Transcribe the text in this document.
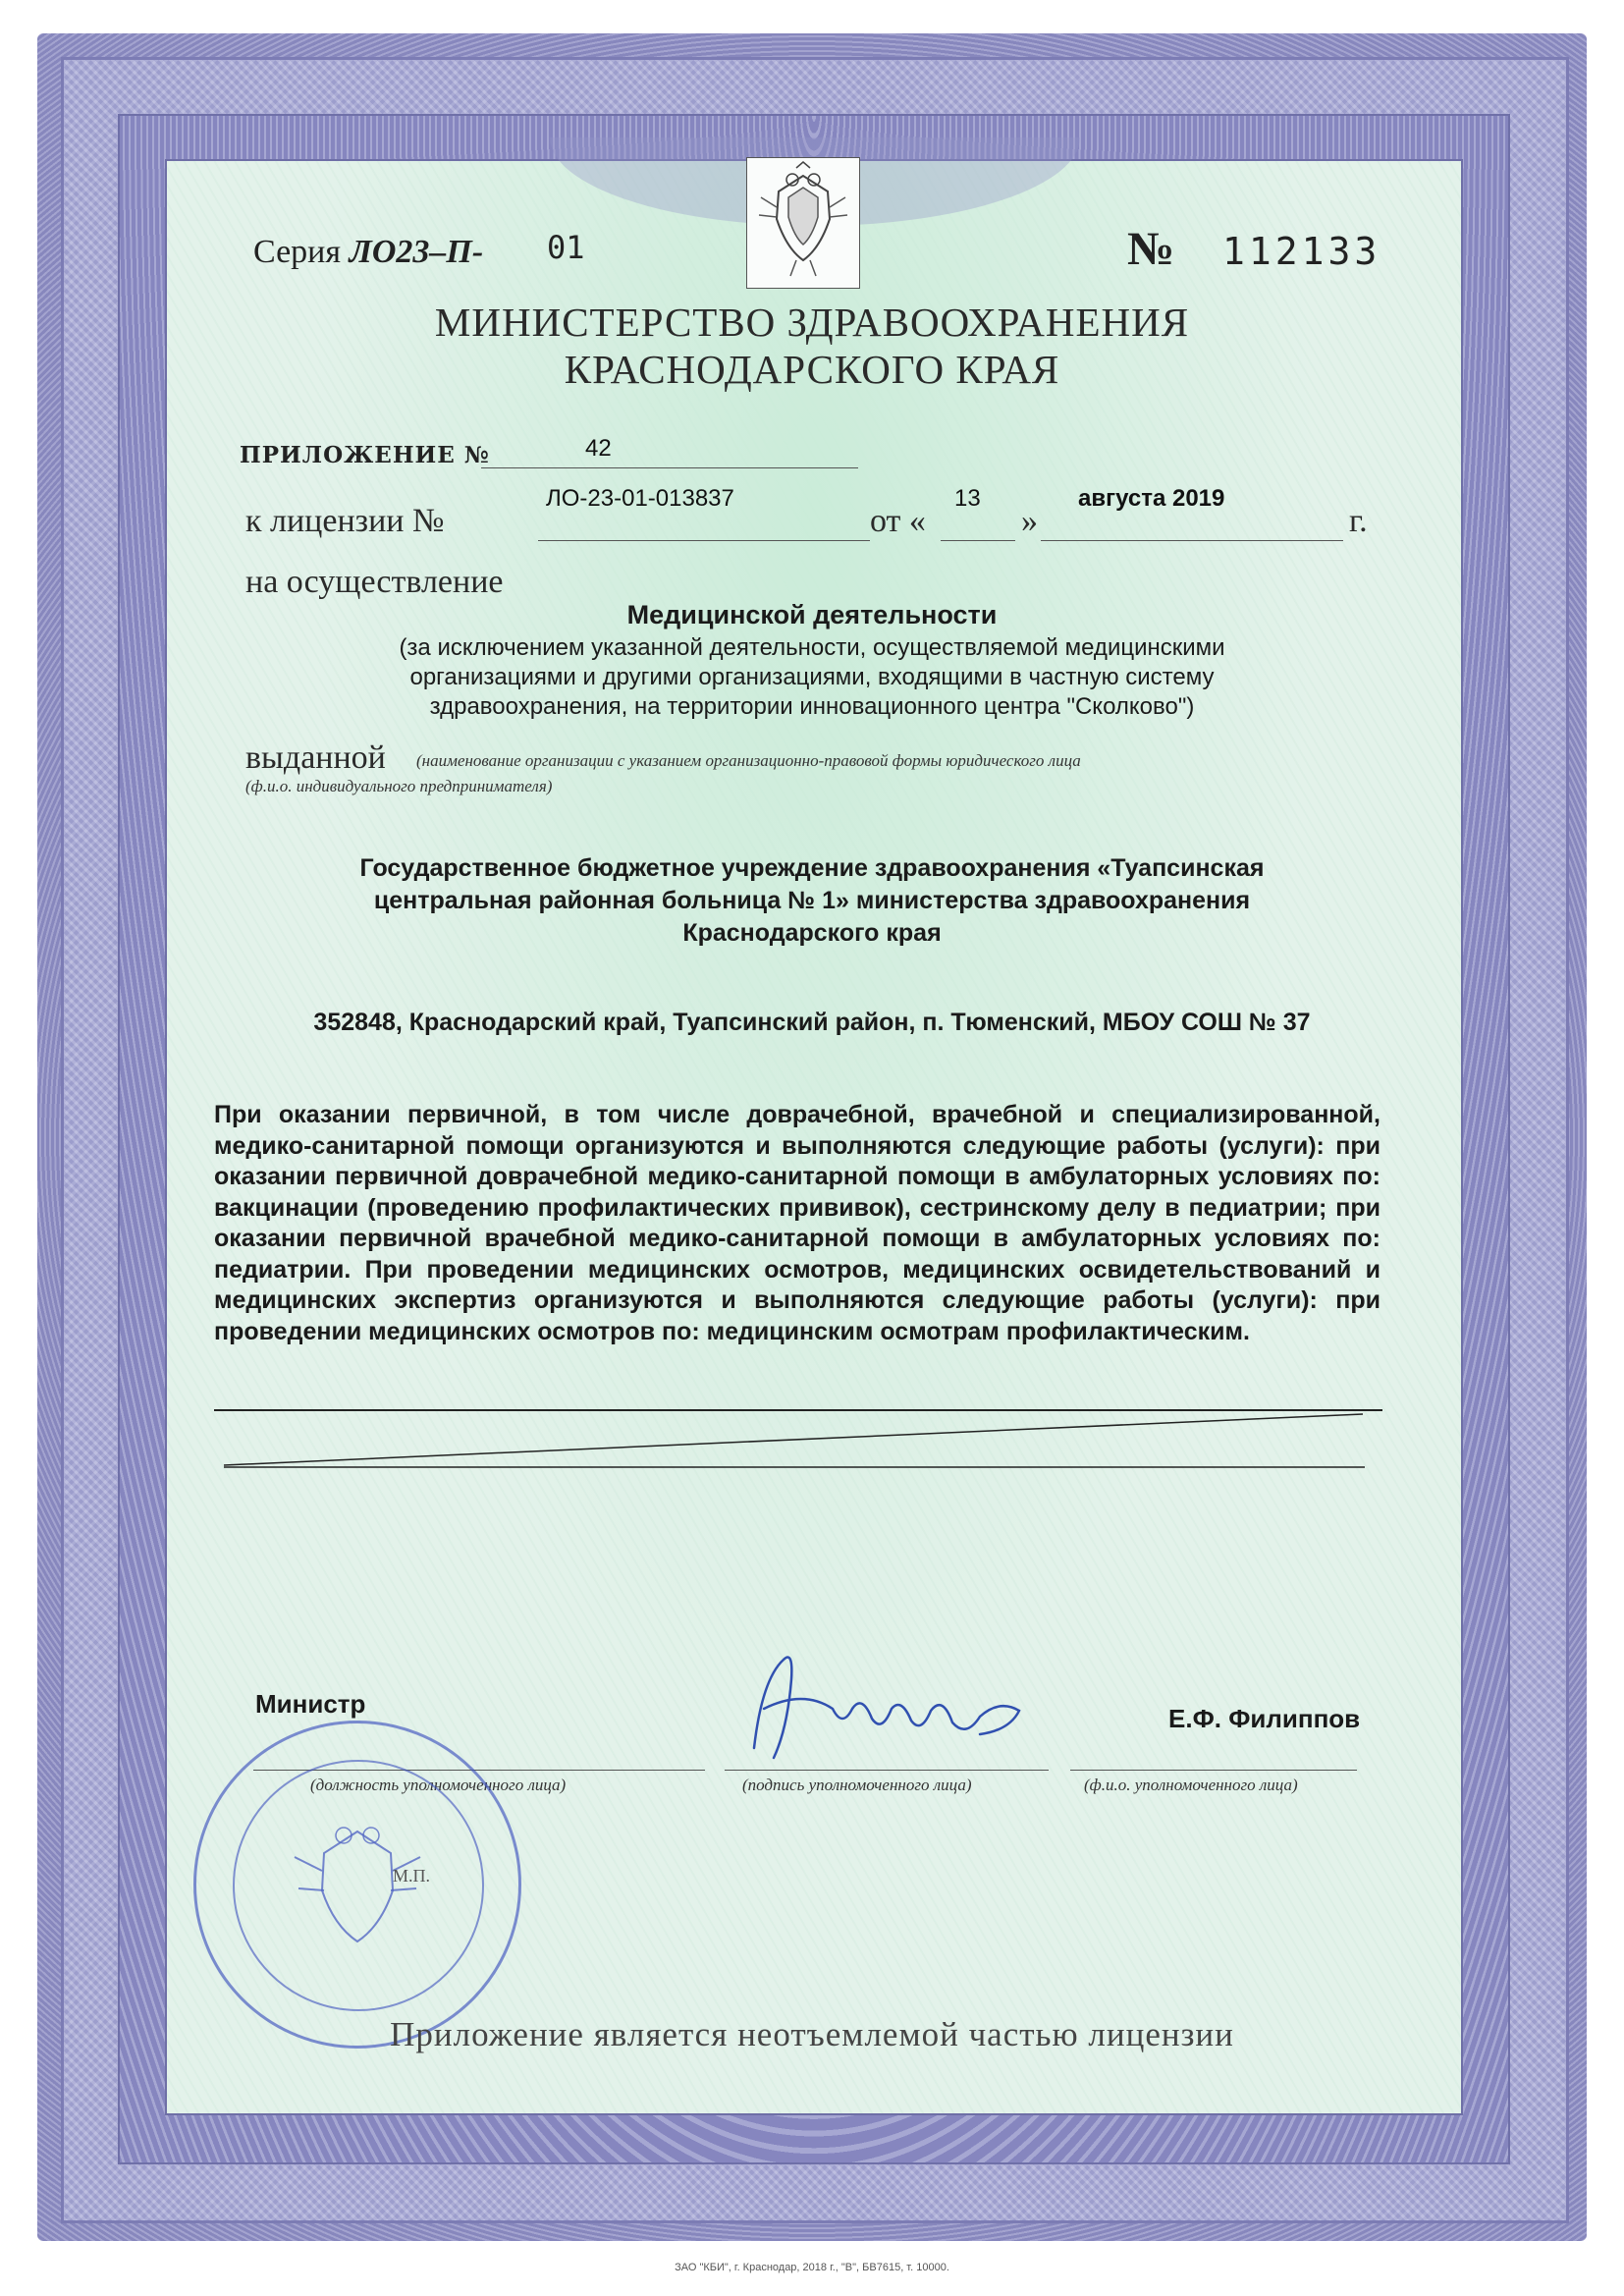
Серия ЛО23–П- 01	№ 112133
МИНИСТЕРСТВО ЗДРАВООХРАНЕНИЯ
КРАСНОДАРСКОГО КРАЯ
ПРИЛОЖЕНИЕ №	42
к лицензии №
ЛО-23-01-013837
от «
13
»
августа 2019
г.
на осуществление
Медицинской деятельности
(за исключением указанной деятельности, осуществляемой медицинскими
организациями и другими организациями, входящими в частную систему
здравоохранения, на территории инновационного центра "Сколково")
выданной (наименование организации с указанием организационно-правовой формы юридического лица
(ф.и.о. индивидуального предпринимателя)
Государственное бюджетное учреждение здравоохранения «Туапсинская
центральная районная больница № 1» министерства здравоохранения
Краснодарского края
352848, Краснодарский край, Туапсинский район, п. Тюменский, МБОУ СОШ № 37
При оказании первичной, в том числе доврачебной, врачебной и специализированной, медико-санитарной помощи организуются и выполняются следующие работы (услуги): при оказании первичной доврачебной медико-санитарной помощи в амбулаторных условиях по: вакцинации (проведению профилактических прививок), сестринскому делу в педиатрии; при оказании первичной врачебной медико-санитарной помощи в амбулаторных условиях по: педиатрии. При проведении медицинских осмотров, медицинских освидетельствований и медицинских экспертиз организуются и выполняются следующие работы (услуги): при проведении медицинских осмотров по: медицинским осмотрам профилактическим.
Министр
(должность уполномоченного лица)	(подпись уполномоченного лица)
Е.Ф. Филиппов
(ф.и.о. уполномоченного лица)
М.П.
Приложение является неотъемлемой частью лицензии
ЗАО "КБИ", г. Краснодар, 2018 г., "В", БВ7615, т. 10000.
